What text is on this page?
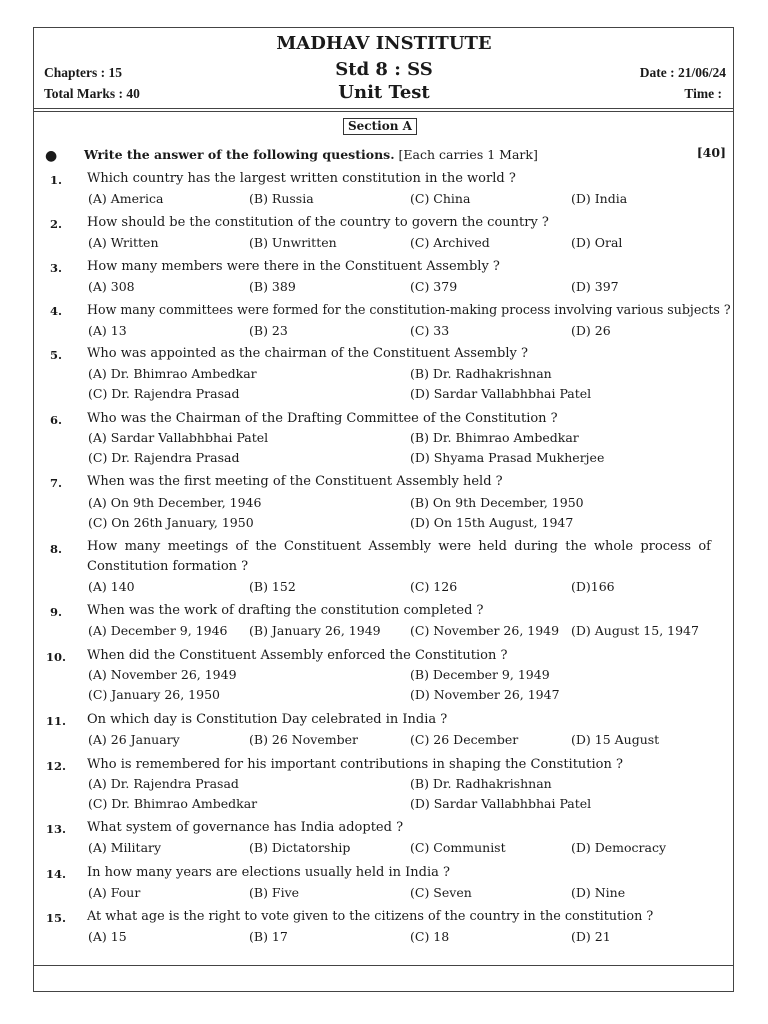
MADHAV INSTITUTE
Std 8 : SS
Unit Test
Chapters : 15
Total Marks : 40
Date : 21/06/24
Time :
Section A
● Write the answer of the following questions. [Each carries 1 Mark]	[40]
1. Which country has the largest written constitution in the world ?
(A) America	(B) Russia	(C) China	(D) India
2. How should be the constitution of the country to govern the country ?
(A) Written	(B) Unwritten	(C) Archived	(D) Oral
3. How many members were there in the Constituent Assembly ?
(A) 308	(B) 389	(C) 379	(D) 397
4. How many committees were formed for the constitution-making process involving various subjects ?
(A) 13	(B) 23	(C) 33	(D) 26
5. Who was appointed as the chairman of the Constituent Assembly ?
(A) Dr. Bhimrao Ambedkar	(B) Dr. Radhakrishnan
(C) Dr. Rajendra Prasad	(D) Sardar Vallabhbhai Patel
6. Who was the Chairman of the Drafting Committee of the Constitution ?
(A) Sardar Vallabhbhai Patel	(B) Dr. Bhimrao Ambedkar
(C) Dr. Rajendra Prasad	(D) Shyama Prasad Mukherjee
7. When was the first meeting of the Constituent Assembly held ?
(A) On 9th December, 1946	(B) On 9th December, 1950
(C) On 26th January, 1950	(D) On 15th August, 1947
8. How many meetings of the Constituent Assembly were held during the whole process of
Constitution formation ?
(A) 140	(B) 152	(C) 126	(D)166
9. When was the work of drafting the constitution completed ?
(A) December 9, 1946 (B) January 26, 1949 (C) November 26, 1949 (D) August 15, 1947
10. When did the Constituent Assembly enforced the Constitution ?
(A) November 26, 1949	(B) December 9, 1949
(C) January 26, 1950	(D) November 26, 1947
11. On which day is Constitution Day celebrated in India ?
(A) 26 January	(B) 26 November	(C) 26 December	(D) 15 August
12. Who is remembered for his important contributions in shaping the Constitution ?
(A) Dr. Rajendra Prasad	(B) Dr. Radhakrishnan
(C) Dr. Bhimrao Ambedkar	(D) Sardar Vallabhbhai Patel
13. What system of governance has India adopted ?
(A) Military	(B) Dictatorship	(C) Communist	(D) Democracy
14. In how many years are elections usually held in India ?
(A) Four	(B) Five	(C) Seven	(D) Nine
15. At what age is the right to vote given to the citizens of the country in the constitution ?
(A) 15	(B) 17	(C) 18	(D) 21
